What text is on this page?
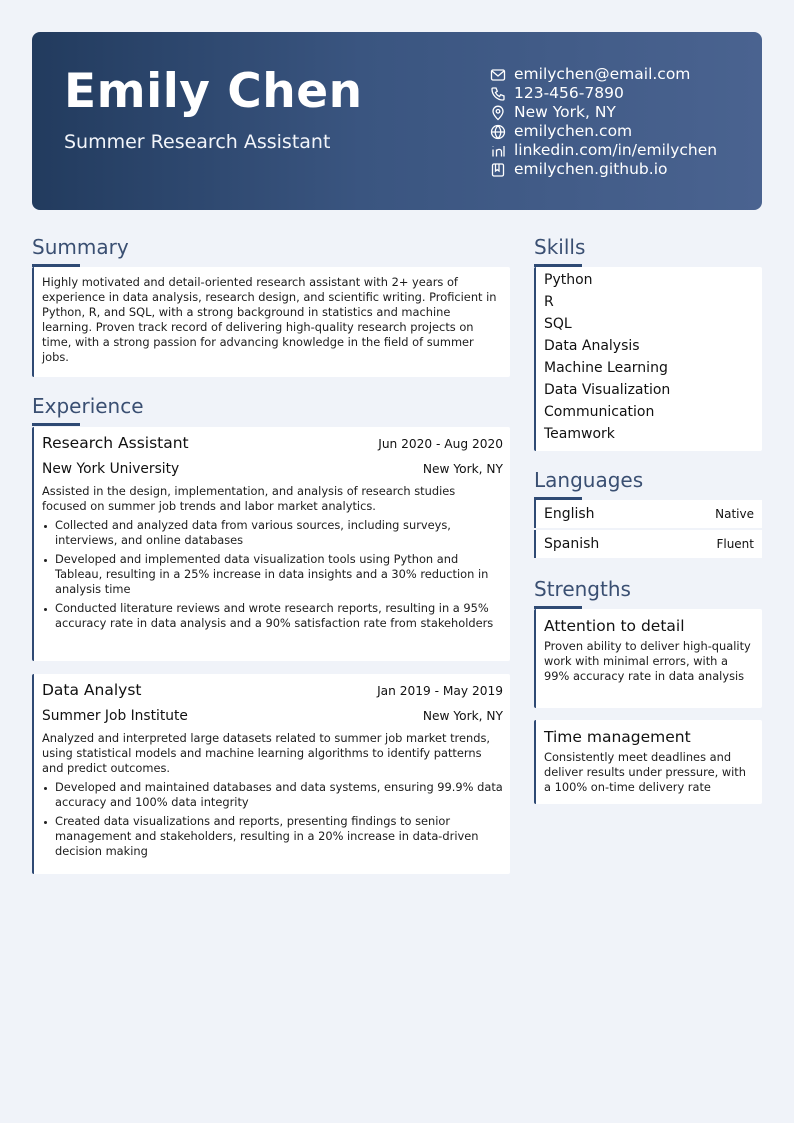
Emily Chen
Summer Research Assistant
emilychen@email.com
123-456-7890
New York, NY
emilychen.com
linkedin.com/in/emilychen
emilychen.github.io
Summary
Highly motivated and detail-oriented research assistant with 2+ years of experience in data analysis, research design, and scientific writing. Proficient in Python, R, and SQL, with a strong background in statistics and machine learning. Proven track record of delivering high-quality research projects on time, with a strong passion for advancing knowledge in the field of summer jobs.
Experience
Research Assistant	Jun 2020 - Aug 2020
New York University	New York, NY
Assisted in the design, implementation, and analysis of research studies focused on summer job trends and labor market analytics.
Collected and analyzed data from various sources, including surveys, interviews, and online databases
Developed and implemented data visualization tools using Python and Tableau, resulting in a 25% increase in data insights and a 30% reduction in analysis time
Conducted literature reviews and wrote research reports, resulting in a 95% accuracy rate in data analysis and a 90% satisfaction rate from stakeholders
Data Analyst	Jan 2019 - May 2019
Summer Job Institute	New York, NY
Analyzed and interpreted large datasets related to summer job market trends, using statistical models and machine learning algorithms to identify patterns and predict outcomes.
Developed and maintained databases and data systems, ensuring 99.9% data accuracy and 100% data integrity
Created data visualizations and reports, presenting findings to senior management and stakeholders, resulting in a 20% increase in data-driven decision making
Skills
Python
R
SQL
Data Analysis
Machine Learning
Data Visualization
Communication
Teamwork
Languages
English	Native
Spanish	Fluent
Strengths
Attention to detail
Proven ability to deliver high-quality work with minimal errors, with a 99% accuracy rate in data analysis
Time management
Consistently meet deadlines and deliver results under pressure, with a 100% on-time delivery rate
